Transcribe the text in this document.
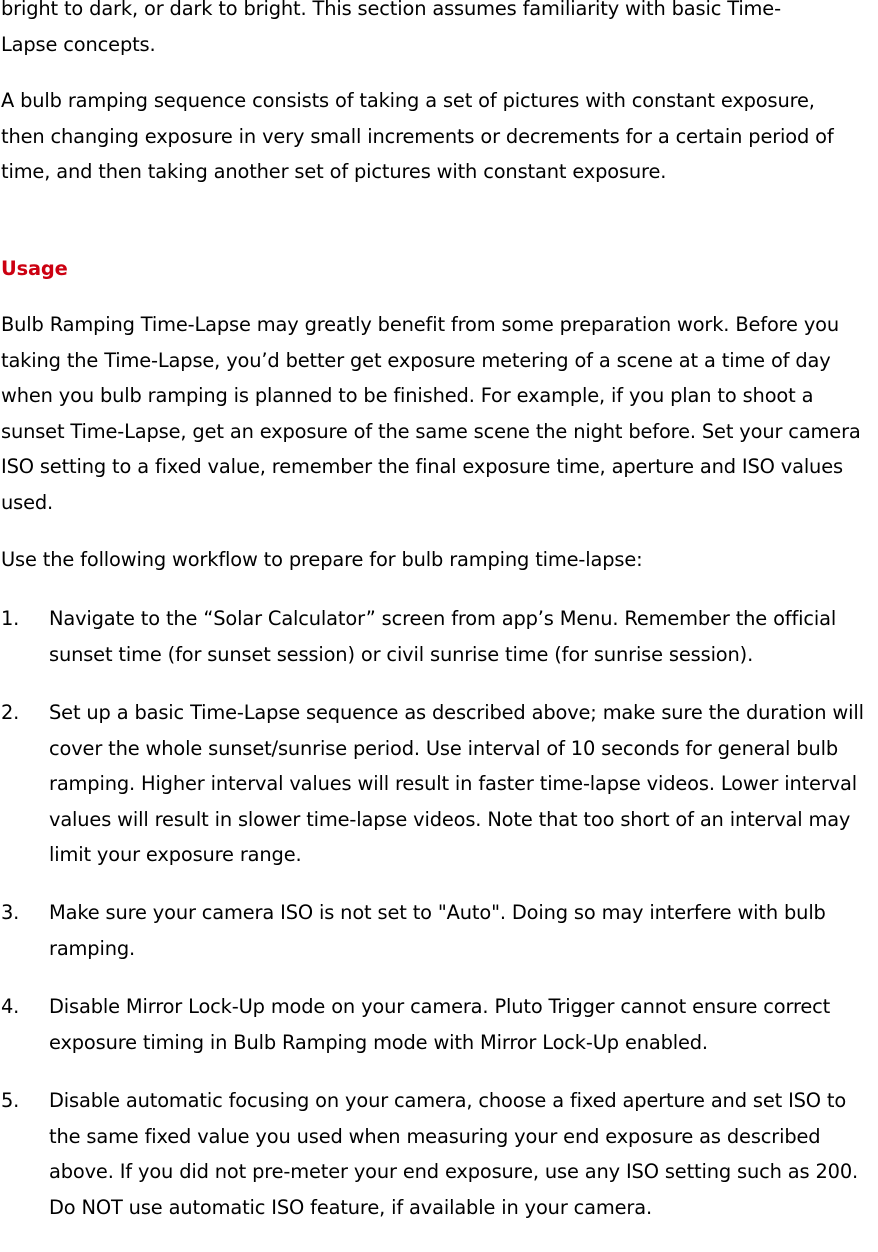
bright to dark, or dark to bright. This section assumes familiarity with basic Time-Lapse concepts.

A bulb ramping sequence consists of taking a set of pictures with constant exposure, then changing exposure in very small increments or decrements for a certain period of time, and then taking another set of pictures with constant exposure.

Usage

Bulb Ramping Time-Lapse may greatly benefit from some preparation work. Before you taking the Time-Lapse, you’d better get exposure metering of a scene at a time of day when you bulb ramping is planned to be finished. For example, if you plan to shoot a sunset Time-Lapse, get an exposure of the same scene the night before. Set your camera ISO setting to a fixed value, remember the final exposure time, aperture and ISO values used.

Use the following workflow to prepare for bulb ramping time-lapse:

1.	Navigate to the “Solar Calculator” screen from app’s Menu. Remember the official sunset time (for sunset session) or civil sunrise time (for sunrise session).
2.	Set up a basic Time-Lapse sequence as described above; make sure the duration will cover the whole sunset/sunrise period. Use interval of 10 seconds for general bulb ramping. Higher interval values will result in faster time-lapse videos. Lower interval values will result in slower time-lapse videos. Note that too short of an interval may limit your exposure range.
3.	Make sure your camera ISO is not set to "Auto". Doing so may interfere with bulb ramping.
4.	Disable Mirror Lock-Up mode on your camera. Pluto Trigger cannot ensure correct exposure timing in Bulb Ramping mode with Mirror Lock-Up enabled.
5.	Disable automatic focusing on your camera, choose a fixed aperture and set ISO to the same fixed value you used when measuring your end exposure as described above. If you did not pre-meter your end exposure, use any ISO setting such as 200. Do NOT use automatic ISO feature, if available in your camera.
